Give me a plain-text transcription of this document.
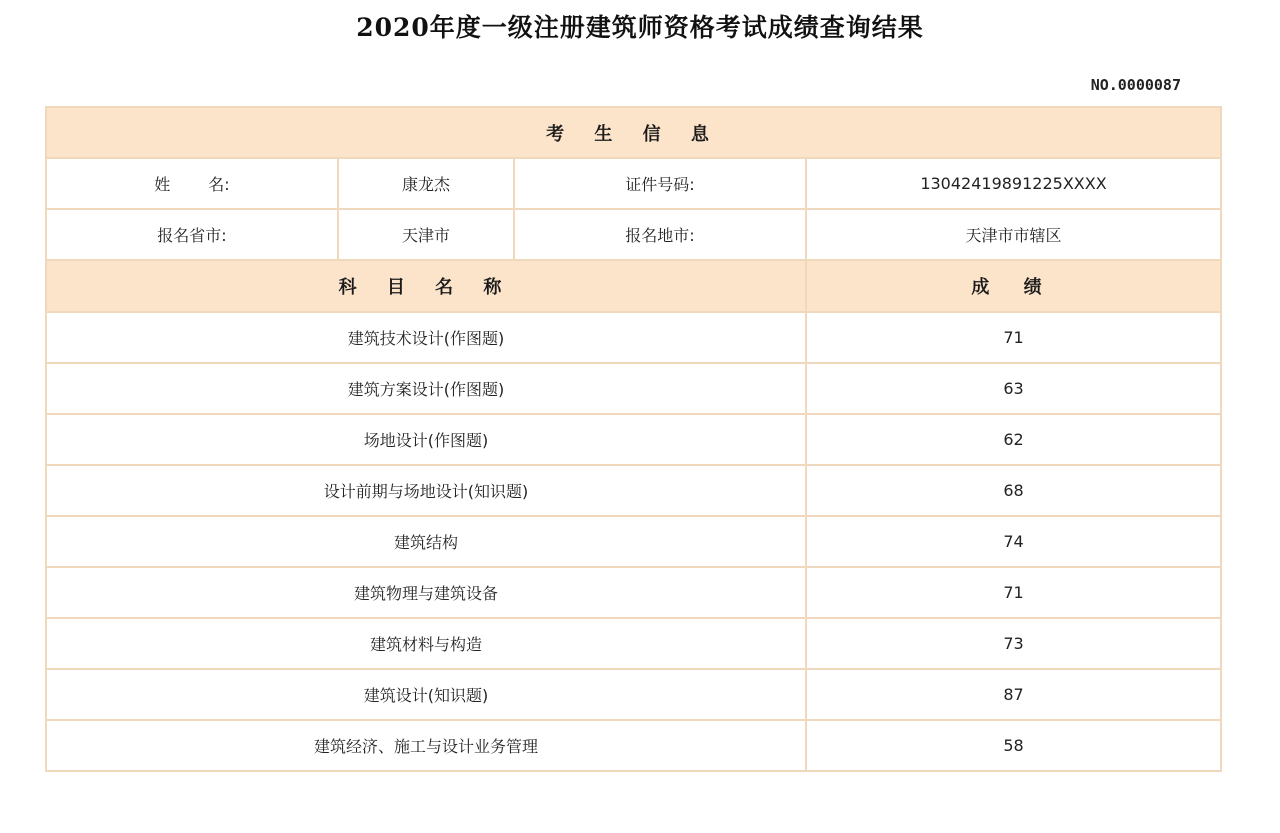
2020年度一级注册建筑师资格考试成绩查询结果
NO.0000087
考 生 信 息			
姓 名:	康龙杰	证件号码:	13042419891225XXXX
报名省市:	天津市	报名地市:	天津市市辖区
科 目 名 称			成 绩
建筑技术设计(作图题)			71
建筑方案设计(作图题)			63
场地设计(作图题)			62
设计前期与场地设计(知识题)			68
建筑结构			74
建筑物理与建筑设备			71
建筑材料与构造			73
建筑设计(知识题)			87
建筑经济、施工与设计业务管理			58
